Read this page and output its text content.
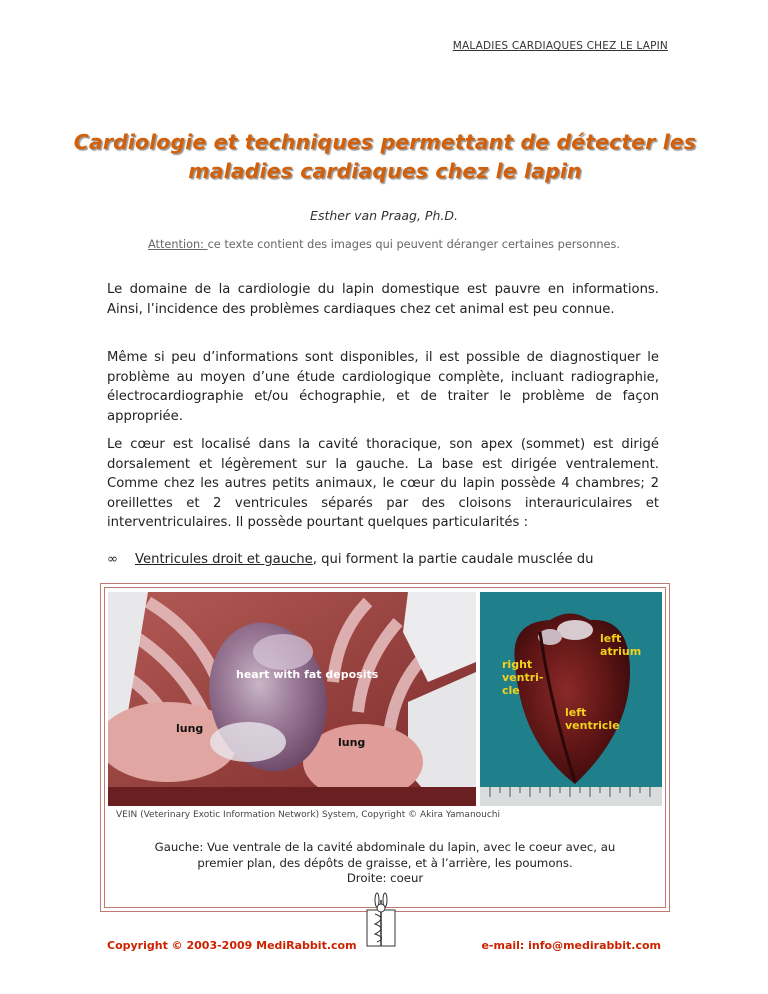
MALADIES CARDIAQUES CHEZ LE LAPIN
Cardiologie et techniques permettant de détecter les
maladies cardiaques chez le lapin
Esther van Praag, Ph.D.
Attention: ce texte contient des images qui peuvent déranger certaines personnes.
Le domaine de la cardiologie du lapin domestique est pauvre en informations. Ainsi, l’incidence des problèmes cardiaques chez cet animal est peu connue.
Même si peu d’informations sont disponibles, il est possible de diagnostiquer le problème au moyen d’une étude cardiologique complète, incluant radiographie, électrocardiographie et/ou échographie, et de traiter le problème de façon appropriée.
Le cœur est localisé dans la cavité thoracique, son apex (sommet) est dirigé dorsalement et légèrement sur la gauche. La base est dirigée ventralement. Comme chez les autres petits animaux, le cœur du lapin possède 4 chambres; 2 oreillettes et 2 ventricules séparés par des cloisons interauriculaires et interventriculaires. Il possède pourtant quelques particularités :
∞ Ventricules droit et gauche, qui forment la partie caudale musclée du
heart with fat deposits
lung
lung
left atrium
right ventri-cle
left ventricle
VEIN (Veterinary Exotic Information Network) System, Copyright © Akira Yamanouchi
Gauche: Vue ventrale de la cavité abdominale du lapin, avec le coeur avec, au
premier plan, des dépôts de graisse, et à l’arrière, les poumons.
Droite: coeur
Copyright © 2003-2009 MediRabbit.com	e-mail: info@medirabbit.com
